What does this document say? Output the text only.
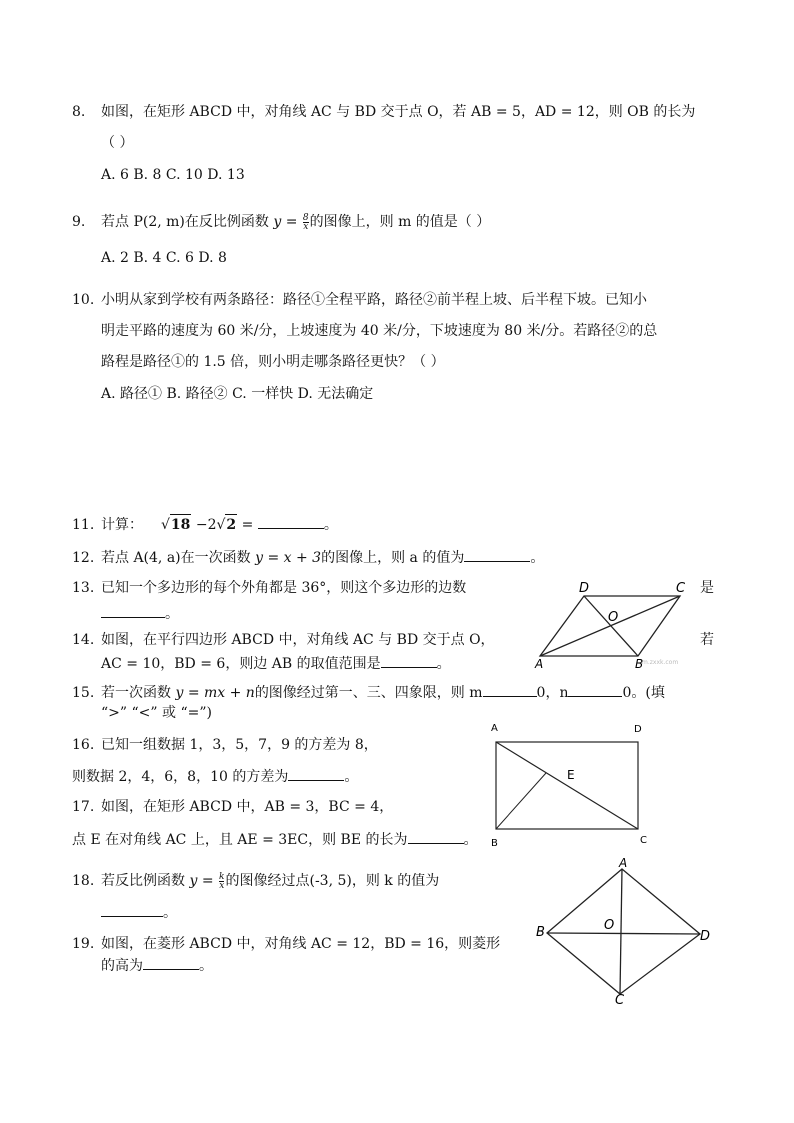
8. 如图，在矩形 ABCD 中，对角线 AC 与 BD 交于点 O，若 AB = 5，AD = 12，则 OB 的长为
（ ）
A. 6 B. 8 C. 10 D. 13
9. 若点 P(2, m)在反比例函数 $y = \frac{8}{x}$ 的图像上，则 m 的值是（ ）
A. 2 B. 4 C. 6 D. 8
10. 小明从家到学校有两条路径：路径①全程平路，路径②前半程上坡、后半程下坡。已知小
明走平路的速度为 60 米/分，上坡速度为 40 米/分，下坡速度为 80 米/分。若路径②的总
路程是路径①的 1.5 倍，则小明走哪条路径更快？（ ）
A. 路径① B. 路径② C. 一样快 D. 无法确定
11. 计算： √18 −2√2 =	。
12. 若点 A(4, a)在一次函数 y = x + 3的图像上，则 a 的值为	。
13. 已知一个多边形的每个外角都是 36°，则这个多边形的边数	是
。
14. 如图，在平行四边形 ABCD 中，对角线 AC 与 BD 交于点 O，	若
AC = 10，BD = 6，则边 AB 的取值范围是	。
D	C
O
A	B
m.zxxk.com
15. 若一次函数 y = mx + n的图像经过第一、三、四象限，则 m	0，n	0。(填
“>” “<” 或 “=”)
16. 已知一组数据 1，3，5，7，9 的方差为 8，
则数据 2，4，6，8，10 的方差为	。
17. 如图，在矩形 ABCD 中，AB = 3，BC = 4，
点 E 在对角线 AC 上，且 AE = 3EC，则 BE 的长为	。
A	D
E
B	C
18. 若反比例函数 $y = \frac{k}{x}$ 的图像经过点(-3, 5)，则 k 的值为
。
19. 如图，在菱形 ABCD 中，对角线 AC = 12，BD = 16，则菱形
的高为	。
A
B	O
D
C
